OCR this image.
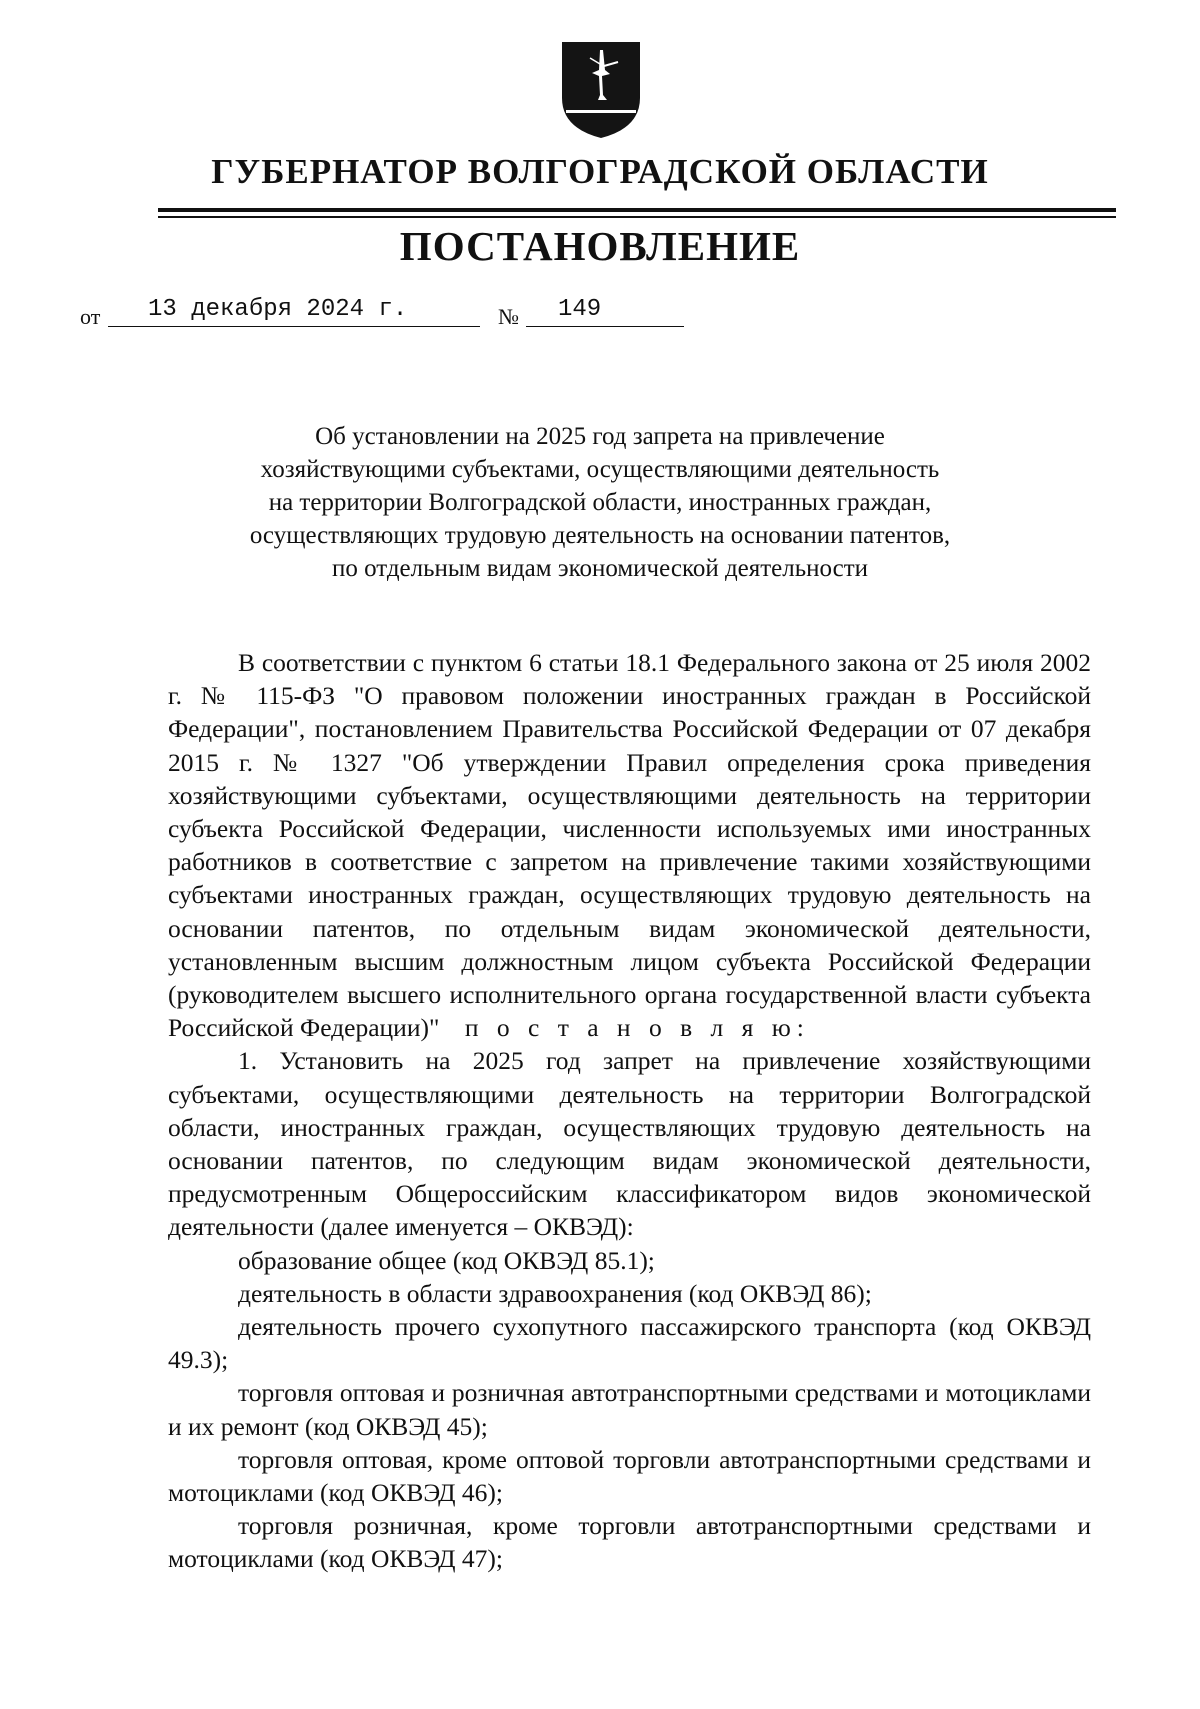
ГУБЕРНАТОР ВОЛГОГРАДСКОЙ ОБЛАСТИ
ПОСТАНОВЛЕНИЕ
от 13 декабря 2024 г.	№ 149
Об установлении на 2025 год запрета на привлечение
хозяйствующими субъектами, осуществляющими деятельность
на территории Волгоградской области, иностранных граждан,
осуществляющих трудовую деятельность на основании патентов,
по отдельным видам экономической деятельности

В соответствии с пунктом 6 статьи 18.1 Федерального закона от 25 июля 2002 г. № 115-ФЗ "О правовом положении иностранных граждан в Российской Федерации", постановлением Правительства Российской Федерации от 07 декабря 2015 г. № 1327 "Об утверждении Правил определения срока приведения хозяйствующими субъектами, осуществляющими деятельность на территории субъекта Российской Федерации, численности используемых ими иностранных работников в соответствие с запретом на привлечение такими хозяйствующими субъектами иностранных граждан, осуществляющих трудовую деятельность на основании патентов, по отдельным видам экономической деятельности, установленным высшим должностным лицом субъекта Российской Федерации (руководителем высшего исполнительного органа государственной власти субъекта Российской Федерации)" п о с т а н о в л я ю:

1. Установить на 2025 год запрет на привлечение хозяйствующими субъектами, осуществляющими деятельность на территории Волгоградской области, иностранных граждан, осуществляющих трудовую деятельность на основании патентов, по следующим видам экономической деятельности, предусмотренным Общероссийским классификатором видов экономической деятельности (далее именуется – ОКВЭД):

образование общее (код ОКВЭД 85.1);

деятельность в области здравоохранения (код ОКВЭД 86);

деятельность прочего сухопутного пассажирского транспорта (код ОКВЭД 49.3);

торговля оптовая и розничная автотранспортными средствами и мотоциклами и их ремонт (код ОКВЭД 45);

торговля оптовая, кроме оптовой торговли автотранспортными средствами и мотоциклами (код ОКВЭД 46);

торговля розничная, кроме торговли автотранспортными средствами и мотоциклами (код ОКВЭД 47);
